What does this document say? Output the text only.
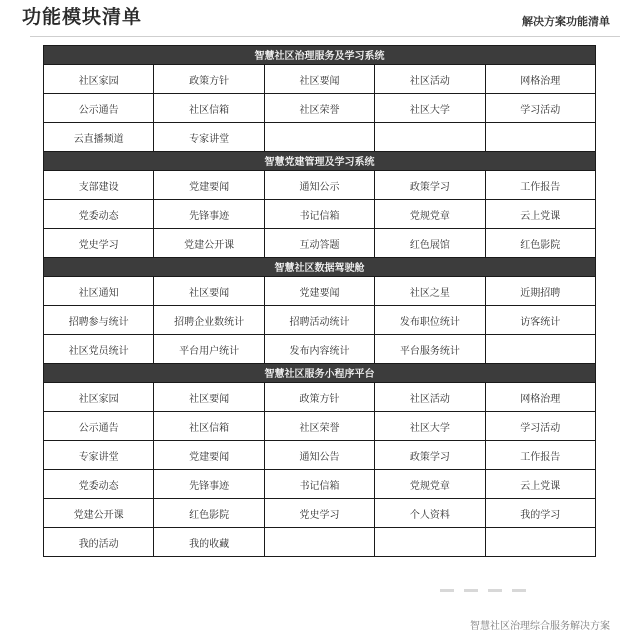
功能模块清单	解决方案功能清单
智慧社区治理服务及学习系统				
社区家园	政策方针	社区要闻	社区活动	网格治理
公示通告	社区信箱	社区荣誉	社区大学	学习活动
云直播频道	专家讲堂			
智慧党建管理及学习系统				
支部建设	党建要闻	通知公示	政策学习	工作报告
党委动态	先锋事迹	书记信箱	党规党章	云上党课
党史学习	党建公开课	互动答题	红色展馆	红色影院
智慧社区数据驾驶舱				
社区通知	社区要闻	党建要闻	社区之星	近期招聘
招聘参与统计	招聘企业数统计	招聘活动统计	发布职位统计	访客统计
社区党员统计	平台用户统计	发布内容统计	平台服务统计	
智慧社区服务小程序平台				
社区家园	社区要闻	政策方针	社区活动	网格治理
公示通告	社区信箱	社区荣誉	社区大学	学习活动
专家讲堂	党建要闻	通知公告	政策学习	工作报告
党委动态	先锋事迹	书记信箱	党规党章	云上党课
党建公开课	红色影院	党史学习	个人资料	我的学习
我的活动	我的收藏			
智慧社区治理综合服务解决方案
